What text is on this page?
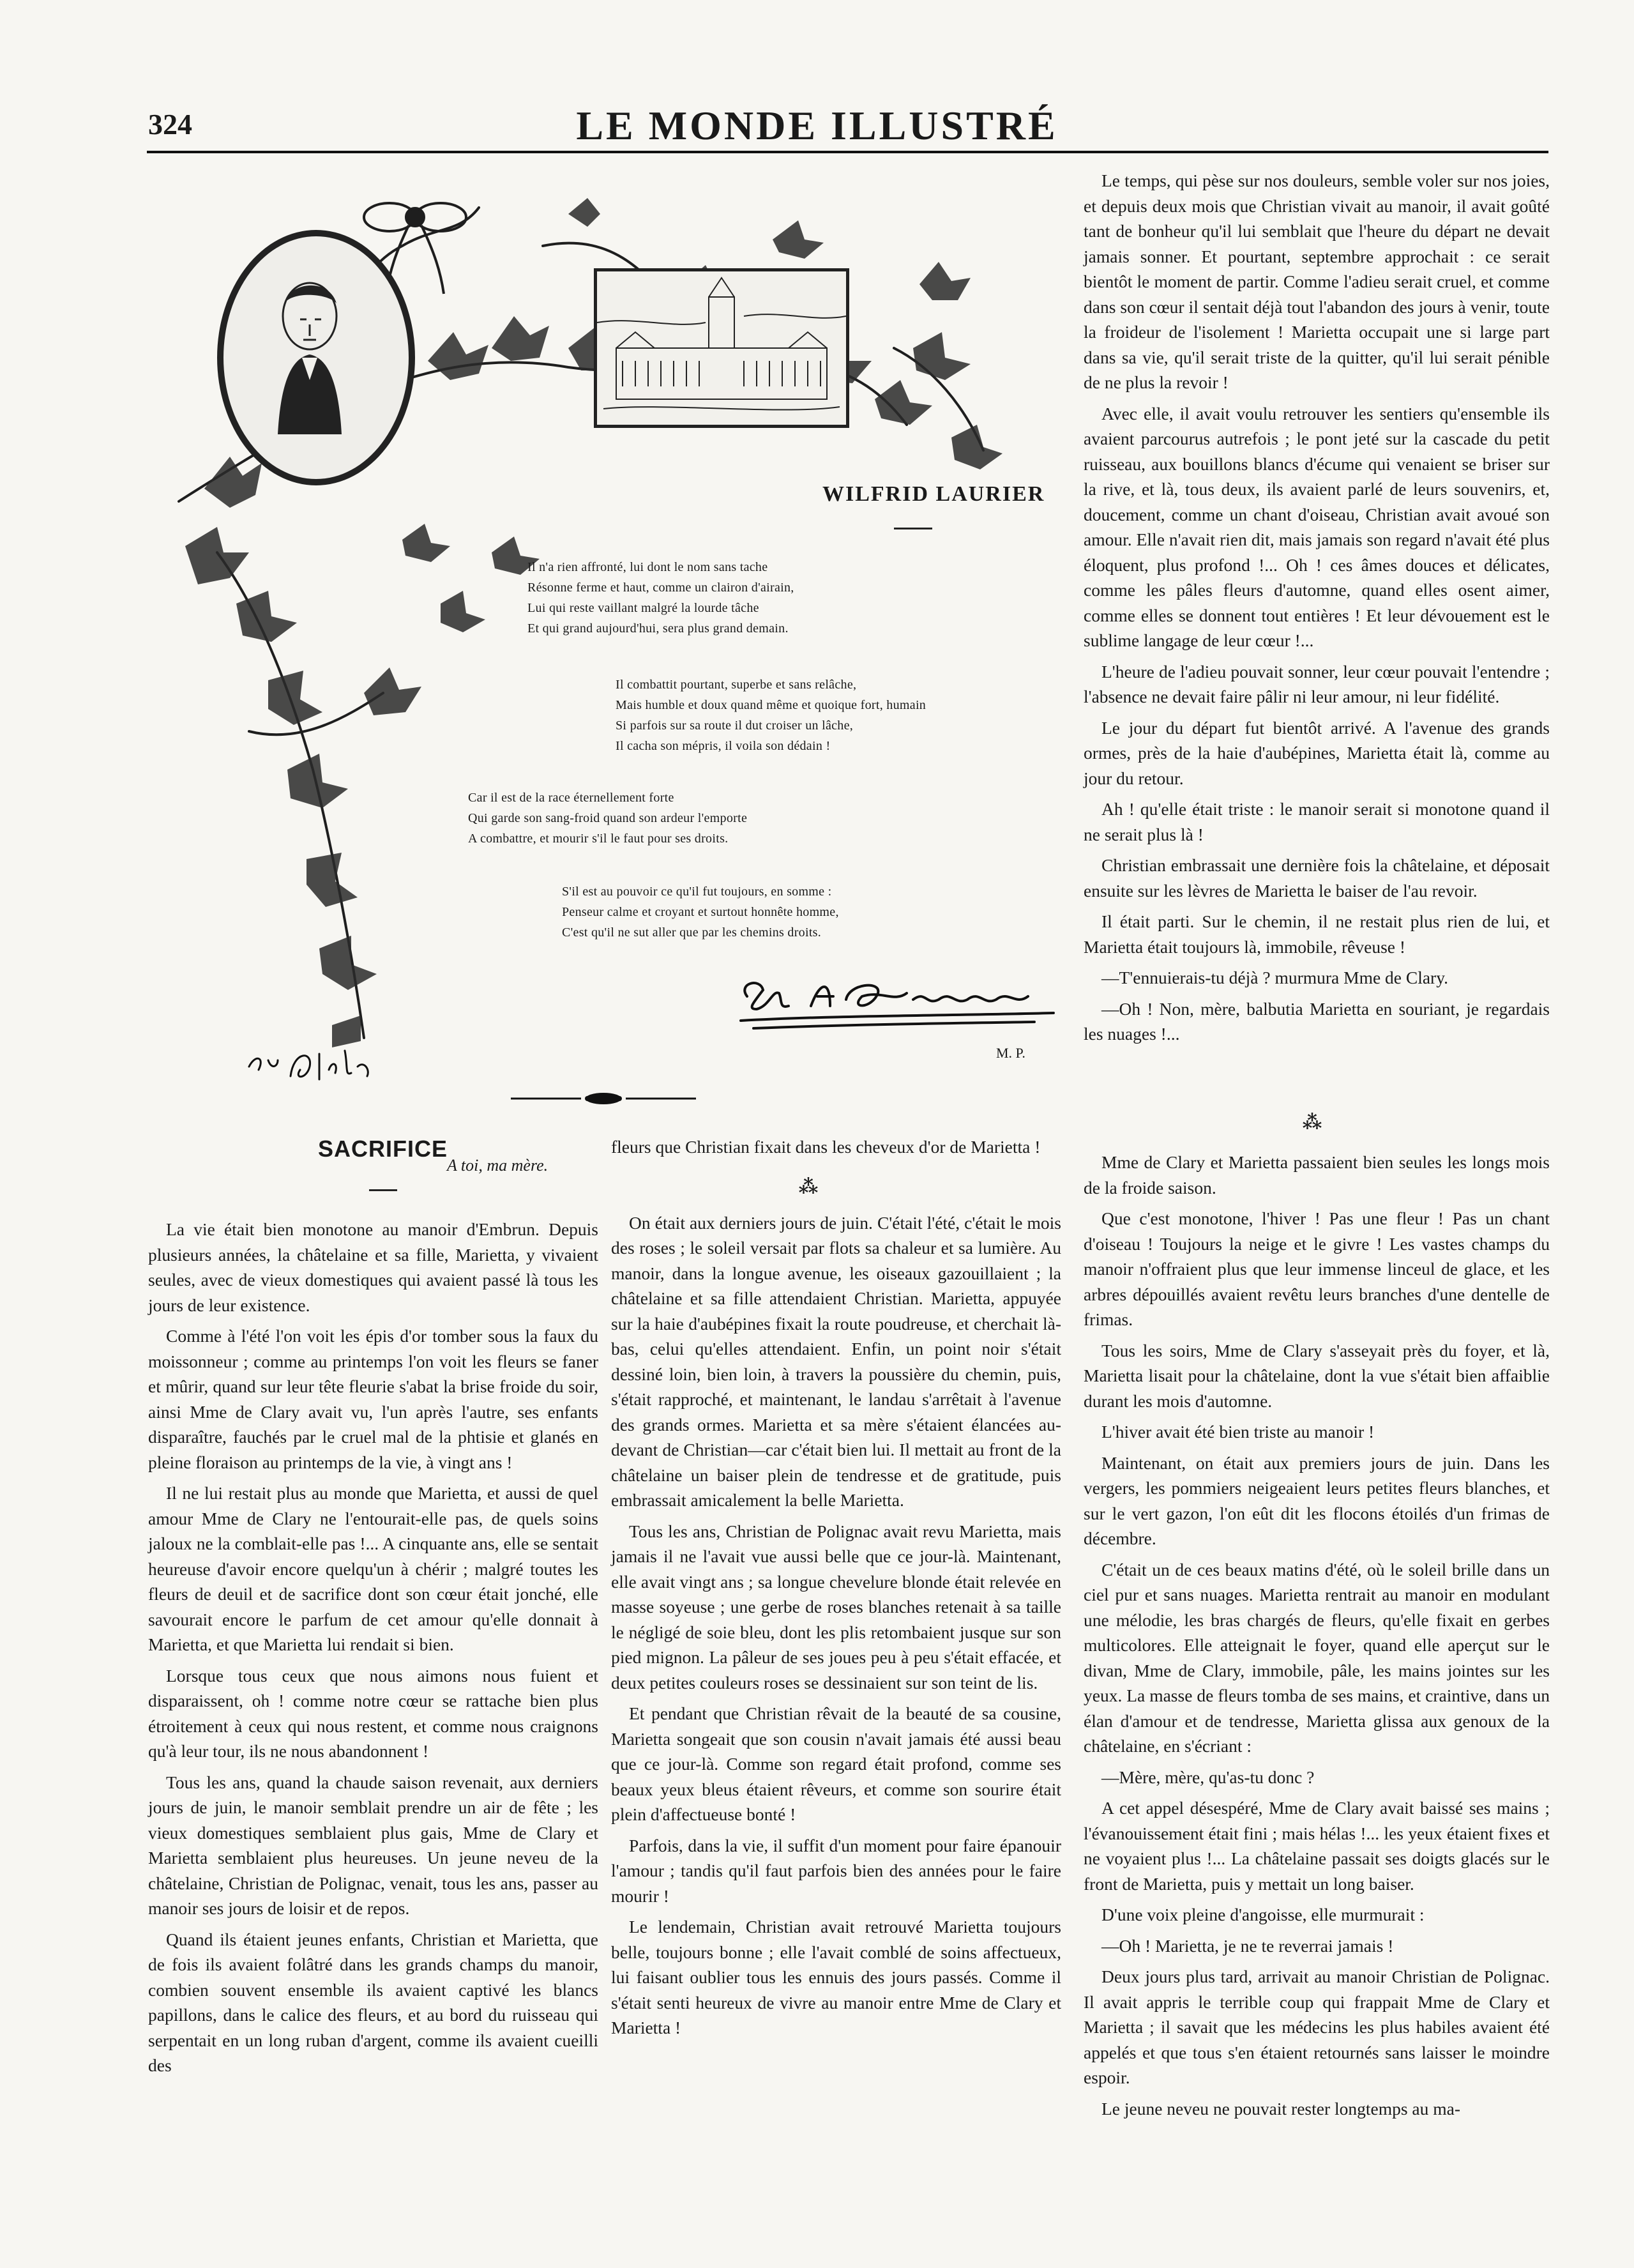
324	LE MONDE ILLUSTRÉ
WILFRID LAURIER
Il n'a rien affronté, lui dont le nom sans tache
Résonne ferme et haut, comme un clairon d'airain,
Lui qui reste vaillant malgré la lourde tâche
Et qui grand aujourd'hui, sera plus grand demain.
Il combattit pourtant, superbe et sans relâche,
Mais humble et doux quand même et quoique fort, humain
Si parfois sur sa route il dut croiser un lâche,
Il cacha son mépris, il voila son dédain !
Car il est de la race éternellement forte
Qui garde son sang-froid quand son ardeur l'emporte
A combattre, et mourir s'il le faut pour ses droits.
S'il est au pouvoir ce qu'il fut toujours, en somme :
Penseur calme et croyant et surtout honnête homme,
C'est qu'il ne sut aller que par les chemins droits.
M. P.
SACRIFICE
A toi, ma mère.

La vie était bien monotone au manoir d'Embrun. Depuis plusieurs années, la châtelaine et sa fille, Marietta, y vivaient seules, avec de vieux domestiques qui avaient passé là tous les jours de leur existence.

Comme à l'été l'on voit les épis d'or tomber sous la faux du moissonneur ; comme au printemps l'on voit les fleurs se faner et mûrir, quand sur leur tête fleurie s'abat la brise froide du soir, ainsi Mme de Clary avait vu, l'un après l'autre, ses enfants disparaître, fauchés par le cruel mal de la phtisie et glanés en pleine floraison au printemps de la vie, à vingt ans !

Il ne lui restait plus au monde que Marietta, et aussi de quel amour Mme de Clary ne l'entourait-elle pas, de quels soins jaloux ne la comblait-elle pas !... A cinquante ans, elle se sentait heureuse d'avoir encore quelqu'un à chérir ; malgré toutes les fleurs de deuil et de sacrifice dont son cœur était jonché, elle savourait encore le parfum de cet amour qu'elle donnait à Marietta, et que Marietta lui rendait si bien.

Lorsque tous ceux que nous aimons nous fuient et disparaissent, oh ! comme notre cœur se rattache bien plus étroitement à ceux qui nous restent, et comme nous craignons qu'à leur tour, ils ne nous abandonnent !

Tous les ans, quand la chaude saison revenait, aux derniers jours de juin, le manoir semblait prendre un air de fête ; les vieux domestiques semblaient plus gais, Mme de Clary et Marietta semblaient plus heureuses. Un jeune neveu de la châtelaine, Christian de Polignac, venait, tous les ans, passer au manoir ses jours de loisir et de repos.

Quand ils étaient jeunes enfants, Christian et Marietta, que de fois ils avaient folâtré dans les grands champs du manoir, combien souvent ensemble ils avaient captivé les blancs papillons, dans le calice des fleurs, et au bord du ruisseau qui serpentait en un long ruban d'argent, comme ils avaient cueilli des

fleurs que Christian fixait dans les cheveux d'or de Marietta !

On était aux derniers jours de juin. C'était l'été, c'était le mois des roses ; le soleil versait par flots sa chaleur et sa lumière. Au manoir, dans la longue avenue, les oiseaux gazouillaient ; la châtelaine et sa fille attendaient Christian. Marietta, appuyée sur la haie d'aubépines fixait la route poudreuse, et cherchait là-bas, celui qu'elles attendaient. Enfin, un point noir s'était dessiné loin, bien loin, à travers la poussière du chemin, puis, s'était rapproché, et maintenant, le landau s'arrêtait à l'avenue des grands ormes. Marietta et sa mère s'étaient élancées au-devant de Christian—car c'était bien lui. Il mettait au front de la châtelaine un baiser plein de tendresse et de gratitude, puis embrassait amicalement la belle Marietta.

Tous les ans, Christian de Polignac avait revu Marietta, mais jamais il ne l'avait vue aussi belle que ce jour-là. Maintenant, elle avait vingt ans ; sa longue chevelure blonde était relevée en masse soyeuse ; une gerbe de roses blanches retenait à sa taille le négligé de soie bleu, dont les plis retombaient jusque sur son pied mignon. La pâleur de ses joues peu à peu s'était effacée, et deux petites couleurs roses se dessinaient sur son teint de lis.

Et pendant que Christian rêvait de la beauté de sa cousine, Marietta songeait que son cousin n'avait jamais été aussi beau que ce jour-là. Comme son regard était profond, comme ses beaux yeux bleus étaient rêveurs, et comme son sourire était plein d'affectueuse bonté !

Parfois, dans la vie, il suffit d'un moment pour faire épanouir l'amour ; tandis qu'il faut parfois bien des années pour le faire mourir !

Le lendemain, Christian avait retrouvé Marietta toujours belle, toujours bonne ; elle l'avait comblé de soins affectueux, lui faisant oublier tous les ennuis des jours passés. Comme il s'était senti heureux de vivre au manoir entre Mme de Clary et Marietta !

⁂

Le temps, qui pèse sur nos douleurs, semble voler sur nos joies, et depuis deux mois que Christian vivait au manoir, il avait goûté tant de bonheur qu'il lui semblait que l'heure du départ ne devait jamais sonner. Et pourtant, septembre approchait : ce serait bientôt le moment de partir. Comme l'adieu serait cruel, et comme dans son cœur il sentait déjà tout l'abandon des jours à venir, toute la froideur de l'isolement ! Marietta occupait une si large part dans sa vie, qu'il serait triste de la quitter, qu'il lui serait pénible de ne plus la revoir !

Avec elle, il avait voulu retrouver les sentiers qu'ensemble ils avaient parcourus autrefois ; le pont jeté sur la cascade du petit ruisseau, aux bouillons blancs d'écume qui venaient se briser sur la rive, et là, tous deux, ils avaient parlé de leurs souvenirs, et, doucement, comme un chant d'oiseau, Christian avait avoué son amour. Elle n'avait rien dit, mais jamais son regard n'avait été plus éloquent, plus profond !... Oh ! ces âmes douces et délicates, comme les pâles fleurs d'automne, quand elles osent aimer, comme elles se donnent tout entières ! Et leur dévouement est le sublime langage de leur cœur !...

L'heure de l'adieu pouvait sonner, leur cœur pouvait l'entendre ; l'absence ne devait faire pâlir ni leur amour, ni leur fidélité.

Le jour du départ fut bientôt arrivé. A l'avenue des grands ormes, près de la haie d'aubépines, Marietta était là, comme au jour du retour.

Ah ! qu'elle était triste : le manoir serait si monotone quand il ne serait plus là !

Christian embrassait une dernière fois la châtelaine, et déposait ensuite sur les lèvres de Marietta le baiser de l'au revoir.

Il était parti. Sur le chemin, il ne restait plus rien de lui, et Marietta était toujours là, immobile, rêveuse !

—T'ennuierais-tu déjà ? murmura Mme de Clary.

—Oh ! Non, mère, balbutia Marietta en souriant, je regardais les nuages !...

⁂

Mme de Clary et Marietta passaient bien seules les longs mois de la froide saison.

Que c'est monotone, l'hiver ! Pas une fleur ! Pas un chant d'oiseau ! Toujours la neige et le givre ! Les vastes champs du manoir n'offraient plus que leur immense linceul de glace, et les arbres dépouillés avaient revêtu leurs branches d'une dentelle de frimas.

Tous les soirs, Mme de Clary s'asseyait près du foyer, et là, Marietta lisait pour la châtelaine, dont la vue s'était bien affaiblie durant les mois d'automne.

L'hiver avait été bien triste au manoir !

Maintenant, on était aux premiers jours de juin. Dans les vergers, les pommiers neigeaient leurs petites fleurs blanches, et sur le vert gazon, l'on eût dit les flocons étoilés d'un frimas de décembre.

C'était un de ces beaux matins d'été, où le soleil brille dans un ciel pur et sans nuages. Marietta rentrait au manoir en modulant une mélodie, les bras chargés de fleurs, qu'elle fixait en gerbes multicolores. Elle atteignait le foyer, quand elle aperçut sur le divan, Mme de Clary, immobile, pâle, les mains jointes sur les yeux. La masse de fleurs tomba de ses mains, et craintive, dans un élan d'amour et de tendresse, Marietta glissa aux genoux de la châtelaine, en s'écriant :

—Mère, mère, qu'as-tu donc ?

A cet appel désespéré, Mme de Clary avait baissé ses mains ; l'évanouissement était fini ; mais hélas !... les yeux étaient fixes et ne voyaient plus !... La châtelaine passait ses doigts glacés sur le front de Marietta, puis y mettait un long baiser.

D'une voix pleine d'angoisse, elle murmurait :

—Oh ! Marietta, je ne te reverrai jamais !

Deux jours plus tard, arrivait au manoir Christian de Polignac. Il avait appris le terrible coup qui frappait Mme de Clary et Marietta ; il savait que les médecins les plus habiles avaient été appelés et que tous s'en étaient retournés sans laisser le moindre espoir.

Le jeune neveu ne pouvait rester longtemps au ma-
